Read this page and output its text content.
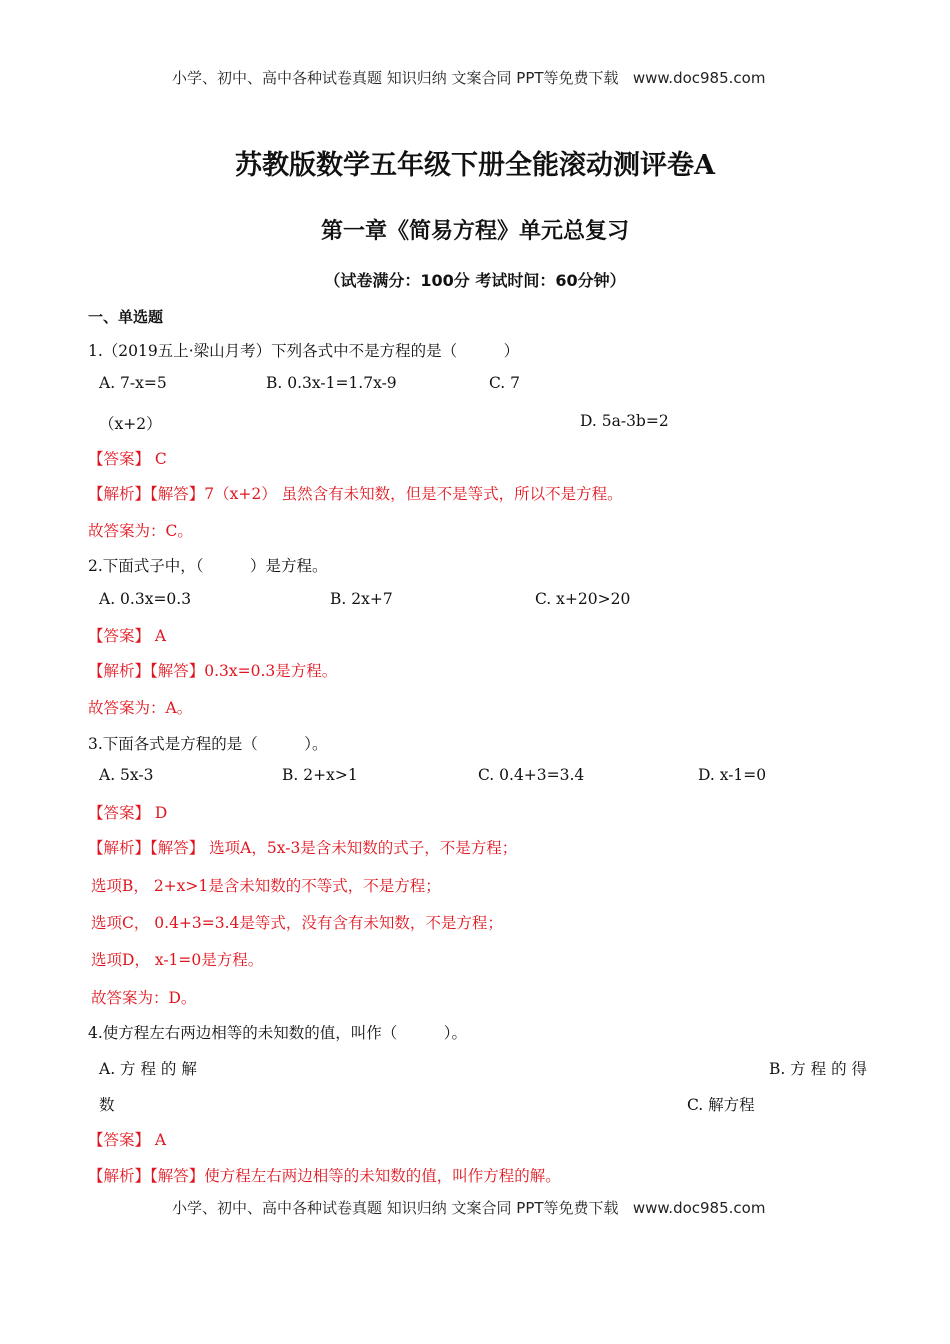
小学、初中、高中各种试卷真题 知识归纳 文案合同 PPT等免费下载 www.doc985.com
苏教版数学五年级下册全能滚动测评卷A
第一章《简易方程》单元总复习
（试卷满分：100分 考试时间：60分钟）
一、单选题
1.（2019五上·梁山月考）下列各式中不是方程的是（　　　）
A. 7-x=5	B. 0.3x-1=1.7x-9	C. 7
（x+2）	D. 5a-3b=2
【答案】 C
【解析】【解答】7（x+2） 虽然含有未知数，但是不是等式，所以不是方程。
故答案为：C。
2.下面式子中，（　　　）是方程。
A. 0.3x=0.3	B. 2x+7	C. x+20>20
【答案】 A
【解析】【解答】0.3x=0.3是方程。
故答案为：A。
3.下面各式是方程的是（　　　）。
A. 5x-3	B. 2+x>1	C. 0.4+3=3.4	D. x-1=0
【答案】 D
【解析】【解答】 选项A，5x-3是含未知数的式子，不是方程；
选项B， 2+x>1是含未知数的不等式，不是方程；
选项C， 0.4+3=3.4是等式，没有含有未知数，不是方程；
选项D， x-1=0是方程。
故答案为：D。
4.使方程左右两边相等的未知数的值，叫作（　　　）。
A. 方 程 的 解	B. 方 程 的 得
数	C. 解方程
【答案】 A
【解析】【解答】使方程左右两边相等的未知数的值，叫作方程的解。
小学、初中、高中各种试卷真题 知识归纳 文案合同 PPT等免费下载 www.doc985.com
